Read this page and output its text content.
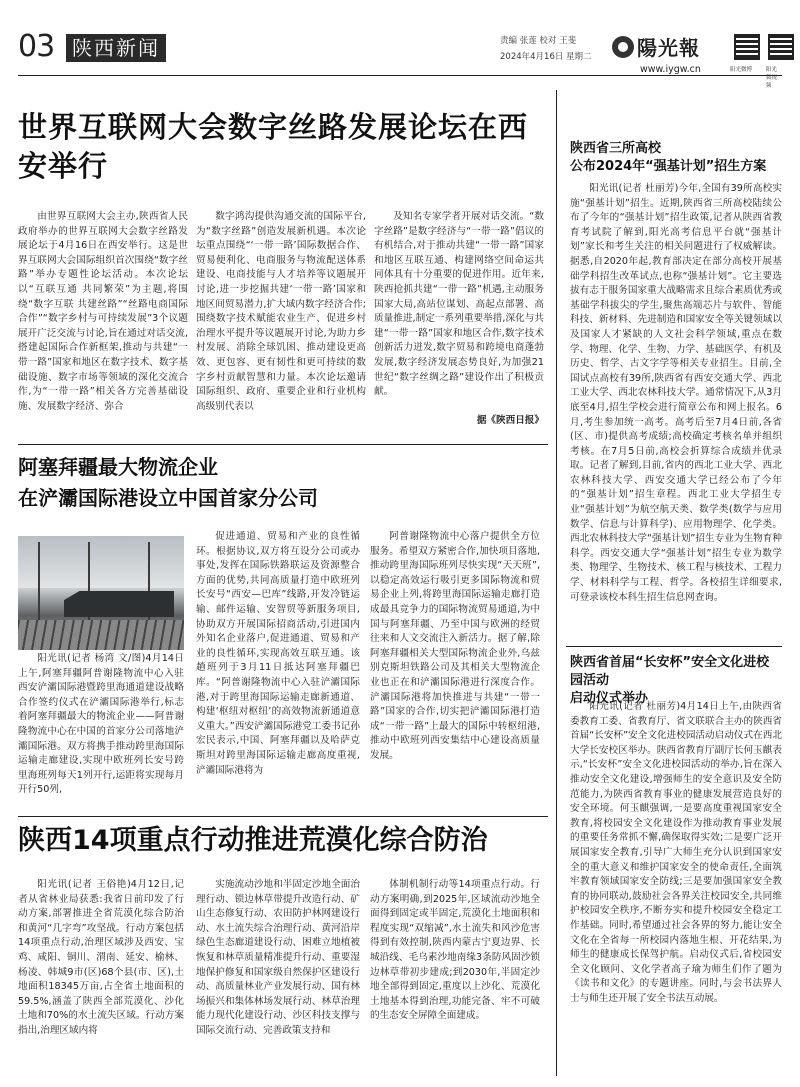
03 陕西新闻	责编 张莲 校对 王斐
2024年4月16日 星期二 陽光報
www.iygw.cn	阳光微博	阳光微视频
世界互联网大会数字丝路发展论坛在西安举行

由世界互联网大会主办,陕西省人民政府举办的世界互联网大会数字丝路发展论坛于4月16日在西安举行。这是世界互联网大会国际组织首次围绕“数字丝路”举办专题性论坛活动。本次论坛以“互联互通 共同繁荣”为主题,将围绕“数字互联 共建丝路”“丝路电商国际合作”“数字乡村与可持续发展”3个议题展开广泛交流与讨论,旨在通过对话交流,搭建起国际合作新框架,推动与共建“一带一路”国家和地区在数字技术、数字基础设施、数字市场等领域的深化交流合作,为“一带一路”相关各方完善基础设施、发展数字经济、弥合

数字鸿沟提供沟通交流的国际平台,为“数字丝路”创造发展新机遇。本次论坛重点围绕“‘一带一路’国际数据合作、贸易便利化、电商服务与物流配送体系建设、电商技能与人才培养等议题展开讨论,进一步挖掘共建‘一带一路’国家和地区间贸易潜力,扩大域内数字经济合作;围绕数字技术赋能农业生产、促进乡村治理水平提升等议题展开讨论,为助力乡村发展、消除全球饥困、推动建设更高效、更包容、更有韧性和更可持续的数字乡村贡献智慧和力量。本次论坛邀请国际组织、政府、重要企业和行业机构高级别代表以

及知名专家学者开展对话交流。“数字丝路”是数字经济与“一带一路”倡议的有机结合,对于推动共建“一带一路”国家和地区互联互通、构建网络空间命运共同体具有十分重要的促进作用。近年来,陕西抢抓共建“一带一路”机遇,主动服务国家大局,高站位谋划、高起点部署、高质量推进,制定一系列重要举措,深化与共建“一带一路”国家和地区合作,数字技术创新活力迸发,数字贸易和跨境电商蓬勃发展,数字经济发展态势良好,为加强21世纪“数字丝绸之路”建设作出了积极贡献。

据《陕西日报》
阿塞拜疆最大物流企业
在浐灞国际港设立中国首家分公司

阳光讯(记者 杨湾 文/图)4月14日上午,阿塞拜疆阿普谢隆物流中心入驻西安浐灞国际港暨跨里海通道建设战略合作签约仪式在浐灞国际港举行,标志着阿塞拜疆最大的物流企业——阿普谢隆物流中心在中国的首家分公司落地浐灞国际港。双方将携手推动跨里海国际运输走廊建设,实现中欧班列长安号跨里海班列每天1列开行,运距将实现每月开行50列,

促进通道、贸易和产业的良性循环。根据协议,双方将互设分公司或办事处,发挥在国际铁路联运及资源整合方面的优势,共同高质量打造中欧班列长安号“西安—巴库”线路,开发冷链运输、邮件运输、安智贸等新服务项目,协助双方开展国际招商活动,引进国内外知名企业落户,促进通道、贸易和产业的良性循环,实现高效互联互通。该趟班列于3月11日抵达阿塞拜疆巴库。“阿普谢隆物流中心入驻浐灞国际港,对于跨里海国际运输走廊新通道、构建‘枢纽对枢纽’的高效物流新通道意义重大。”西安浐灞国际港党工委书记孙宏民表示,中国、阿塞拜疆以及哈萨克斯坦对跨里海国际运输走廊高度重视,浐灞国际港将为

阿普谢隆物流中心落户提供全方位服务。希望双方紧密合作,加快项目落地,推动跨里海国际班列尽快实现“天天班”,以稳定高效运行吸引更多国际物流和贸易企业上列,将跨里海国际运输走廊打造成最具竞争力的国际物流贸易通道,为中国与阿塞拜疆、乃至中国与欧洲的经贸往来和人文交流注入新活力。据了解,除阿塞拜疆相关大型国际物流企业外,乌兹别克斯坦铁路公司及其相关大型物流企业也正在和浐灞国际港进行深度合作。浐灞国际港将加快推进与共建“一带一路”国家的合作,切实把浐灞国际港打造成“一带一路”上最大的国际中转枢纽港,推动中欧班列西安集结中心建设高质量发展。

陕西14项重点行动推进荒漠化综合防治

阳光讯(记者 王俗艳)4月12日,记者从省林业局获悉:我省日前印发了行动方案,部署推进全省荒漠化综合防治和黄河“几字弯”攻坚战。行动方案包括14项重点行动,治理区域涉及西安、宝鸡、咸阳、铜川、渭南、延安、榆林、杨凌、韩城9市(区)68个县(市、区),土地面积18345万亩,占全省土地面积的59.5%,涵盖了陕西全部荒漠化、沙化土地和70%的水土流失区域。行动方案指出,治理区域内将

实施流动沙地和半固定沙地全面治理行动、锁边林草带提升改造行动、矿山生态修复行动、农田防护林网建设行动、水土流失综合治理行动、黄河沿岸绿色生态廊道建设行动、困难立地植被恢复和林草质量精准提升行动、重要湿地保护修复和国家级自然保护区建设行动、高质量林业产业发展行动、国有林场振兴和集体林场发展行动、林草治理能力现代化建设行动、沙区科技支撑与国际交流行动、完善政策支持和

体制机制行动等14项重点行动。行动方案明确,到2025年,区域流动沙地全面得到固定或半固定,荒漠化土地面积和程度实现“双缩减”,水土流失和风沙危害得到有效控制,陕西内蒙古宁夏边界、长城沿线、毛乌素沙地南缘3条防风固沙锁边林草带初步建成;到2030年,半固定沙地全部得到固定,重度以上沙化、荒漠化土地基本得到治理,功能完备、牢不可破的生态安全屏障全面建成。

陕西省三所高校
公布2024年“强基计划”招生方案

阳光讯(记者 杜丽芳)今年,全国有39所高校实施“强基计划”招生。近期,陕西省三所高校陆续公布了今年的“强基计划”招生政策,记者从陕西省教育考试院了解到,阳光高考信息平台就“强基计划”家长和考生关注的相关问题进行了权威解读。据悉,自2020年起,教育部决定在部分高校开展基础学科招生改革试点,也称“强基计划”。它主要选拔有志于服务国家重大战略需求且综合素质优秀或基础学科拔尖的学生,聚焦高端芯片与软件、智能科技、新材料、先进制造和国家安全等关键领域以及国家人才紧缺的人文社会科学领域,重点在数学、物理、化学、生物、力学、基础医学、有机及历史、哲学、古文字学等相关专业招生。目前,全国试点高校有39所,陕西省有西安交通大学、西北工业大学、西北农林科技大学。通常情况下,从3月底至4月,招生学校会进行简章公布和网上报名。6月,考生参加统一高考。高考后至7月4日前,各省(区、市)提供高考成绩;高校确定考核名单并组织考核。在7月5日前,高校会折算综合成绩并优录取。记者了解到,目前,省内的西北工业大学、西北农林科技大学、西安交通大学已经公布了今年的“强基计划”招生章程。西北工业大学招生专业“强基计划”为航空航天类、数学类(数学与应用数学、信息与计算科学)、应用物理学、化学类。西北农林科技大学“强基计划”招生专业为生物育种科学。西安交通大学“强基计划”招生专业为数学类、物理学、生物技术、核工程与核技术、工程力学、材料科学与工程、哲学。各校招生详细要求,可登录该校本科生招生信息网查询。

陕西省首届“长安杯”安全文化进校园活动
启动仪式举办

阳光讯(记者 杜丽芳)4月14日上午,由陕西省委教育工委、省教育厅、省文联联合主办的陕西省首届“长安杯”安全文化进校园活动启动仪式在西北大学长安校区举办。陕西省教育厅副厅长何玉麒表示,“长安杯”安全文化进校园活动的举办,旨在深入推动安全文化建设,增强师生的安全意识及安全防范能力,为陕西省教育事业的健康发展营造良好的安全环境。何玉麒强调,一是要高度重视国家安全教育,将校园安全文化建设作为推动教育事业发展的重要任务常抓不懈,确保取得实效;二是要广泛开展国家安全教育,引导广大师生充分认识到国家安全的重大意义和维护国家安全的使命责任,全面筑牢教育领域国家安全防线;三是要加强国家安全教育的协同联动,鼓励社会各界关注校园安全,共同维护校园安全秩序,不断夯实和提升校园安全稳定工作基础。同时,希望通过社会各界的努力,能让安全文化在全省每一所校园内落地生根、开花结果,为师生的健康成长保驾护航。启动仪式后,省校园安全文化顾问、文化学者高子瑜为师生们作了题为《读书和文化》的专题讲座。同时,与会书法界人士与师生还开展了安全书法互动展。
